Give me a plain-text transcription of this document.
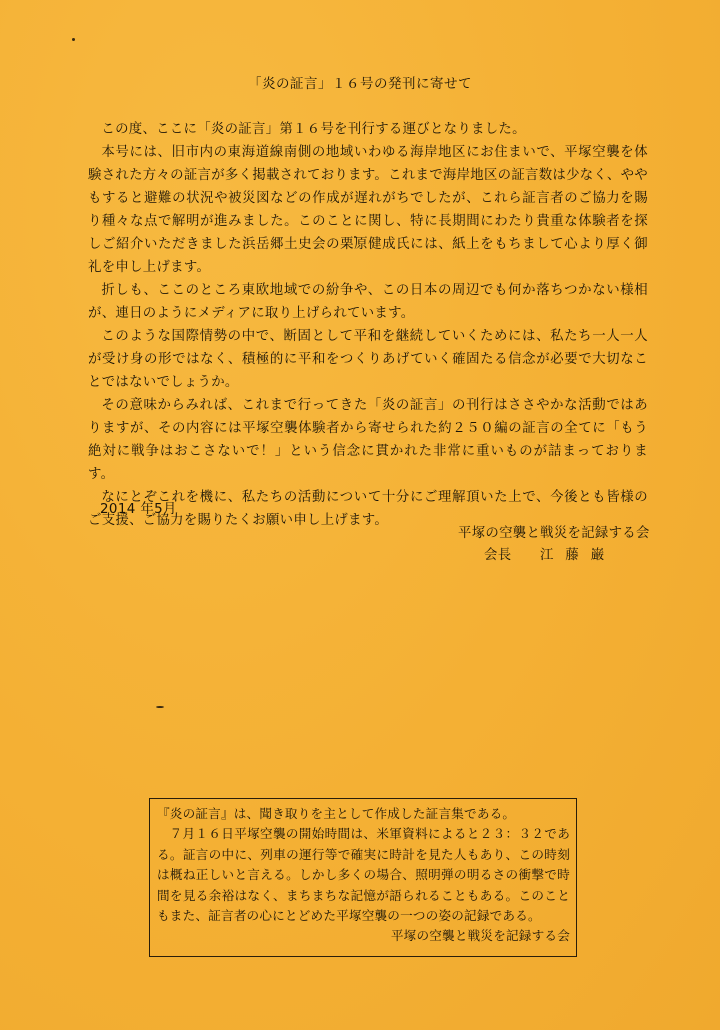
「炎の証言」１６号の発刊に寄せて

この度、ここに「炎の証言」第１６号を刊行する運びとなりました。

本号には、旧市内の東海道線南側の地域いわゆる海岸地区にお住まいで、平塚空襲を体験された方々の証言が多く掲載されております。これまで海岸地区の証言数は少なく、ややもすると避難の状況や被災図などの作成が遅れがちでしたが、これら証言者のご協力を賜り種々な点で解明が進みました。このことに関し、特に長期間にわたり貴重な体験者を探しご紹介いただきました浜岳郷土史会の栗原健成氏には、紙上をもちまして心より厚く御礼を申し上げます。

折しも、ここのところ東欧地域での紛争や、この日本の周辺でも何か落ちつかない様相が、連日のようにメディアに取り上げられています。

このような国際情勢の中で、断固として平和を継続していくためには、私たち一人一人が受け身の形ではなく、積極的に平和をつくりあげていく確固たる信念が必要で大切なことではないでしょうか。

その意味からみれば、これまで行ってきた「炎の証言」の刊行はささやかな活動ではありますが、その内容には平塚空襲体験者から寄せられた約２５０編の証言の全てに「もう絶対に戦争はおこさないで！」という信念に貫かれた非常に重いものが詰まっております。

なにとぞこれを機に、私たちの活動について十分にご理解頂いた上で、今後とも皆様のご支援、ご協力を賜りたくお願い申し上げます。

2014 年5月
平塚の空襲と戦災を記録する会
会長	江藤巌

『炎の証言』は、聞き取りを主として作成した証言集である。

７月１６日平塚空襲の開始時間は、米軍資料によると２３：３２である。証言の中に、列車の運行等で確実に時計を見た人もあり、この時刻は概ね正しいと言える。しかし多くの場合、照明弾の明るさの衝撃で時間を見る余裕はなく、まちまちな記憶が語られることもある。このこともまた、証言者の心にとどめた平塚空襲の一つの姿の記録である。

平塚の空襲と戦災を記録する会
